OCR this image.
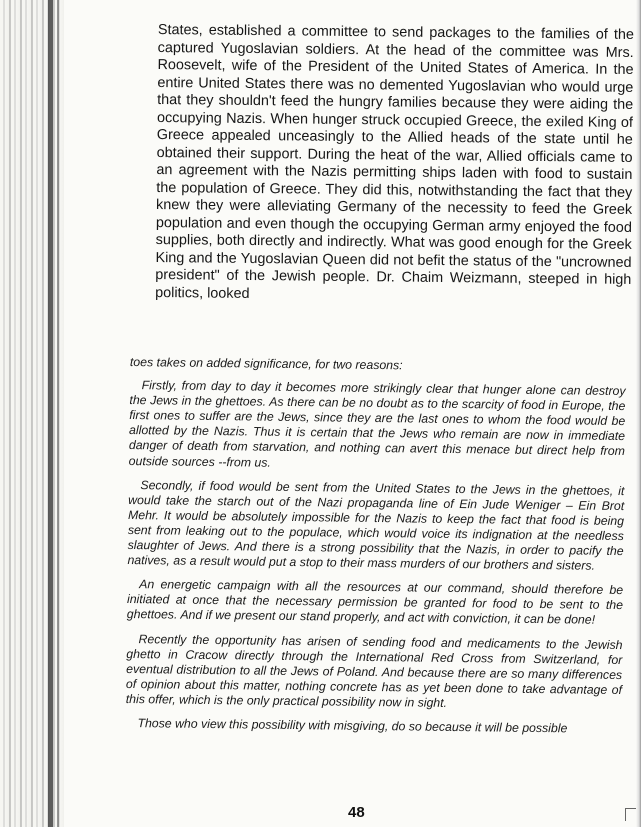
States, established a committee to send packages to the families of the captured Yugoslavian soldiers. At the head of the committee was Mrs. Roosevelt, wife of the President of the United States of America. In the entire United States there was no demented Yugoslavian who would urge that they shouldn't feed the hungry families because they were aiding the occupying Nazis. When hunger struck occupied Greece, the exiled King of Greece appealed unceasingly to the Allied heads of the state until he obtained their support. During the heat of the war, Allied officials came to an agreement with the Nazis permitting ships laden with food to sustain the population of Greece. They did this, notwithstanding the fact that they knew they were alleviating Germany of the necessity to feed the Greek population and even though the occupying German army enjoyed the food supplies, both directly and indirectly. What was good enough for the Greek King and the Yugoslavian Queen did not befit the status of the "uncrowned president" of the Jewish people. Dr. Chaim Weizmann, steeped in high politics, looked

toes takes on added significance, for two reasons:

Firstly, from day to day it becomes more strikingly clear that hunger alone can destroy the Jews in the ghettoes. As there can be no doubt as to the scarcity of food in Europe, the first ones to suffer are the Jews, since they are the last ones to whom the food would be allotted by the Nazis. Thus it is certain that the Jews who remain are now in immediate danger of death from starvation, and nothing can avert this menace but direct help from outside sources --from us.

Secondly, if food would be sent from the United States to the Jews in the ghettoes, it would take the starch out of the Nazi propaganda line of Ein Jude Weniger – Ein Brot Mehr. It would be absolutely impossible for the Nazis to keep the fact that food is being sent from leaking out to the populace, which would voice its indignation at the needless slaughter of Jews. And there is a strong possibility that the Nazis, in order to pacify the natives, as a result would put a stop to their mass murders of our brothers and sisters.

An energetic campaign with all the resources at our command, should therefore be initiated at once that the necessary permission be granted for food to be sent to the ghettoes. And if we present our stand properly, and act with conviction, it can be done!

Recently the opportunity has arisen of sending food and medicaments to the Jewish ghetto in Cracow directly through the International Red Cross from Switzerland, for eventual distribution to all the Jews of Poland. And because there are so many differences of opinion about this matter, nothing concrete has as yet been done to take advantage of this offer, which is the only practical possibility now in sight.

Those who view this possibility with misgiving, do so because it will be possible

48
